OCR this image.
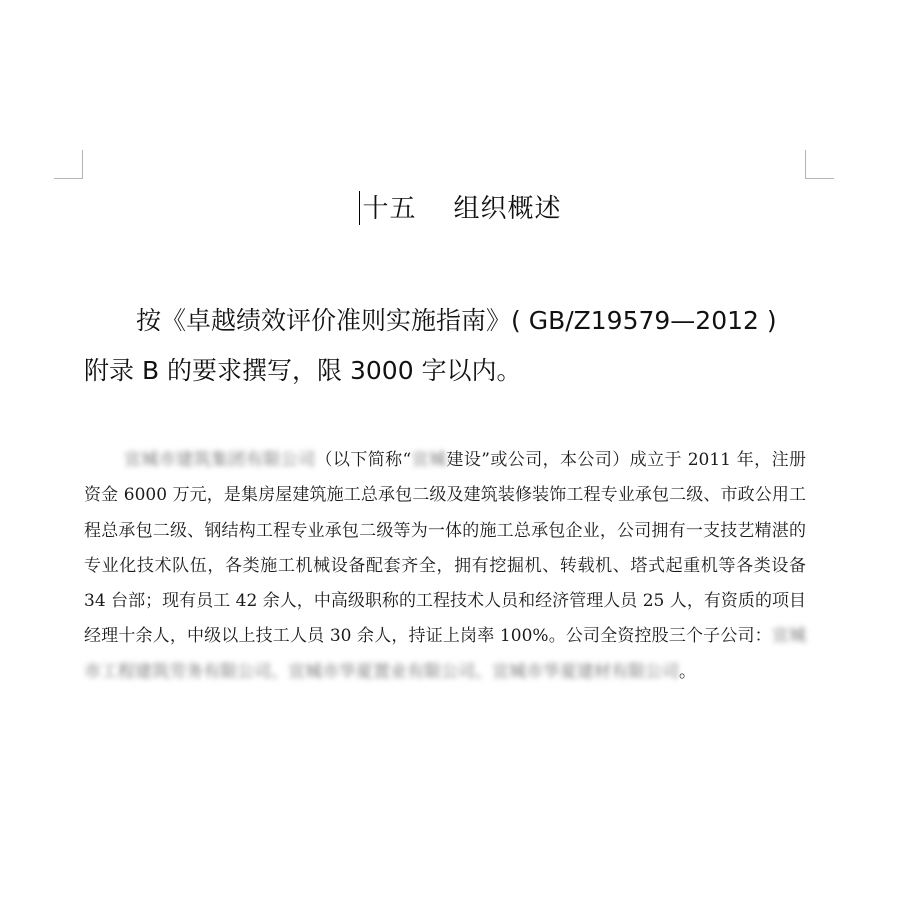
十五    组织概述
按《卓越绩效评价准则实施指南》( GB/Z19579—2012 ) 附录 B 的要求撰写，限 3000 字以内。
宣城市建筑集团有限公司（以下简称“宣城建设”或公司，本公司）成立于 2011 年，注册资金 6000 万元，是集房屋建筑施工总承包二级及建筑装修装饰工程专业承包二级、市政公用工程总承包二级、钢结构工程专业承包二级等为一体的施工总承包企业，公司拥有一支技艺精湛的专业化技术队伍，各类施工机械设备配套齐全，拥有挖掘机、转载机、塔式起重机等各类设备 34 台部；现有员工 42 余人，中高级职称的工程技术人员和经济管理人员 25 人，有资质的项目经理十余人，中级以上技工人员 30 余人，持证上岗率 100%。公司全资控股三个子公司：宣城市工程建筑劳务有限公司、宣城市华夏置业有限公司、宣城市华夏建材有限公司。
